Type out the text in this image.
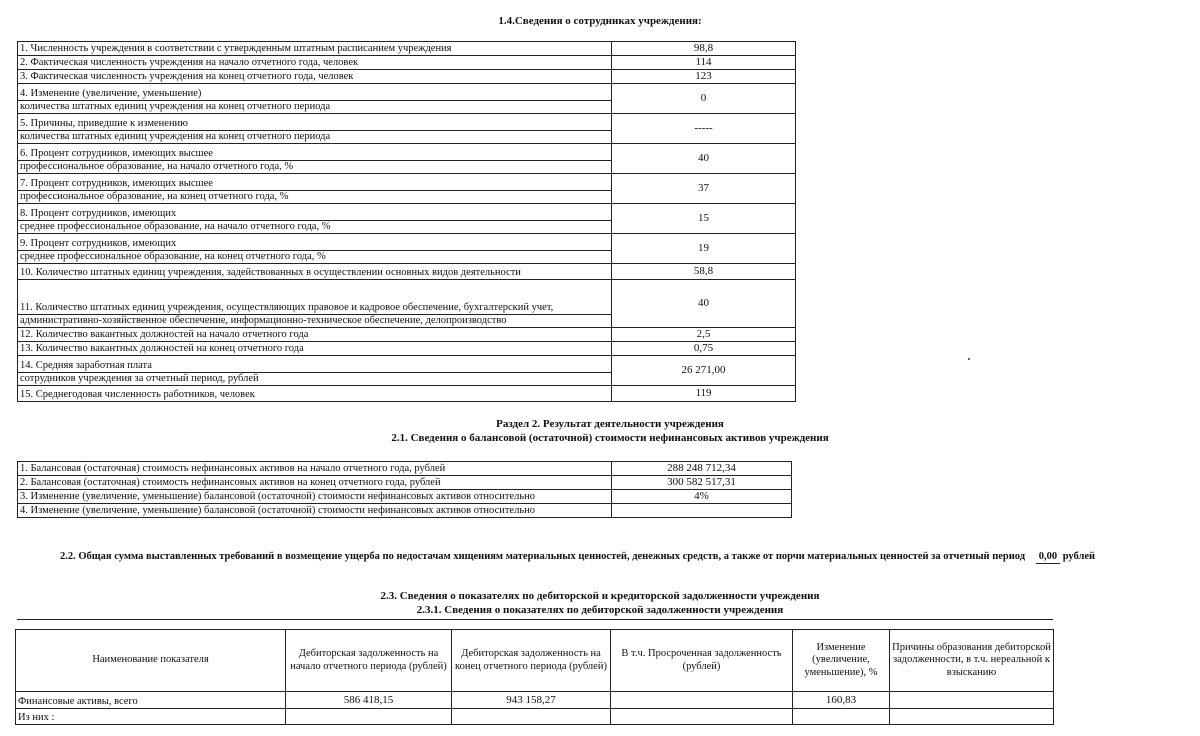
1.4.Сведения о сотрудниках учреждения:
1. Численность учреждения в соответствии с утвержденным штатным расписанием учреждения	98,8

2. Фактическая численность учреждения на начало отчетного года, человек	114

3. Фактическая численность учреждения на конец отчетного года, человек	123

4. Изменение (увеличение, уменьшение)
количества штатных единиц учреждения на конец отчетного периода	0

5. Причины, приведшие к изменению
количества штатных единиц учреждения на конец отчетного периода	-----

6. Процент сотрудников, имеющих высшее
профессиональное образование, на начало отчетного года, %	40

7. Процент сотрудников, имеющих высшее
профессиональное образование, на конец отчетного года, %	37

8. Процент сотрудников, имеющих
среднее профессиональное образование, на начало отчетного года, %	15

9. Процент сотрудников, имеющих
среднее профессиональное образование, на конец отчетного года, %	19

10. Количество штатных единиц учреждения, задействованных в осуществлении основных видов деятельности	58,8

11. Количество штатных единиц учреждения, осуществляющих правовое и кадровое обеспечение, бухгалтерский учет,
административно-хозяйственное обеспечение, информационно-техническое обеспечение, делопроизводство	40

12. Количество вакантных должностей на начало отчетного года	2,5

13. Количество вакантных должностей на конец отчетного года	0,75

14. Средняя заработная плата
сотрудников учреждения за отчетный период, рублей	26 271,00

15. Среднегодовая численность работников, человек	119
Раздел 2. Результат деятельности учреждения
2.1. Сведения о балансовой (остаточной) стоимости нефинансовых активов учреждения
1. Балансовая (остаточная) стоимость нефинансовых активов на начало отчетного года, рублей	288 248 712,34
2. Балансовая (остаточная) стоимость нефинансовых активов на конец отчетного года, рублей	300 582 517,31
3. Изменение (увеличение, уменьшение) балансовой (остаточной) стоимости нефинансовых активов относительно	4%
4. Изменение (увеличение, уменьшение) балансовой (остаточной) стоимости нефинансовых активов относительно	
2.2. Общая сумма выставленных требований в возмещение ущерба по недостачам хищениям материальных ценностей, денежных средств, а также от порчи материальных ценностей за отчетный период 0,00 рублей
2.3. Сведения о показателях по дебиторской и кредиторской задолженности учреждения
2.3.1. Сведения о показателях по дебиторской задолженности учреждения
Наименование показателя	Дебиторская задолженность на начало отчетного периода (рублей)	Дебиторская задолженность на конец отчетного периода (рублей)	В т.ч. Просроченная задолженность (рублей)	Изменение (увеличение, уменьшение), %	Причины образования дебиторской задолженности, в т.ч. нереальной к взысканию
Финансовые активы, всего	586 418,15	943 158,27		160,83	
Из них :					
